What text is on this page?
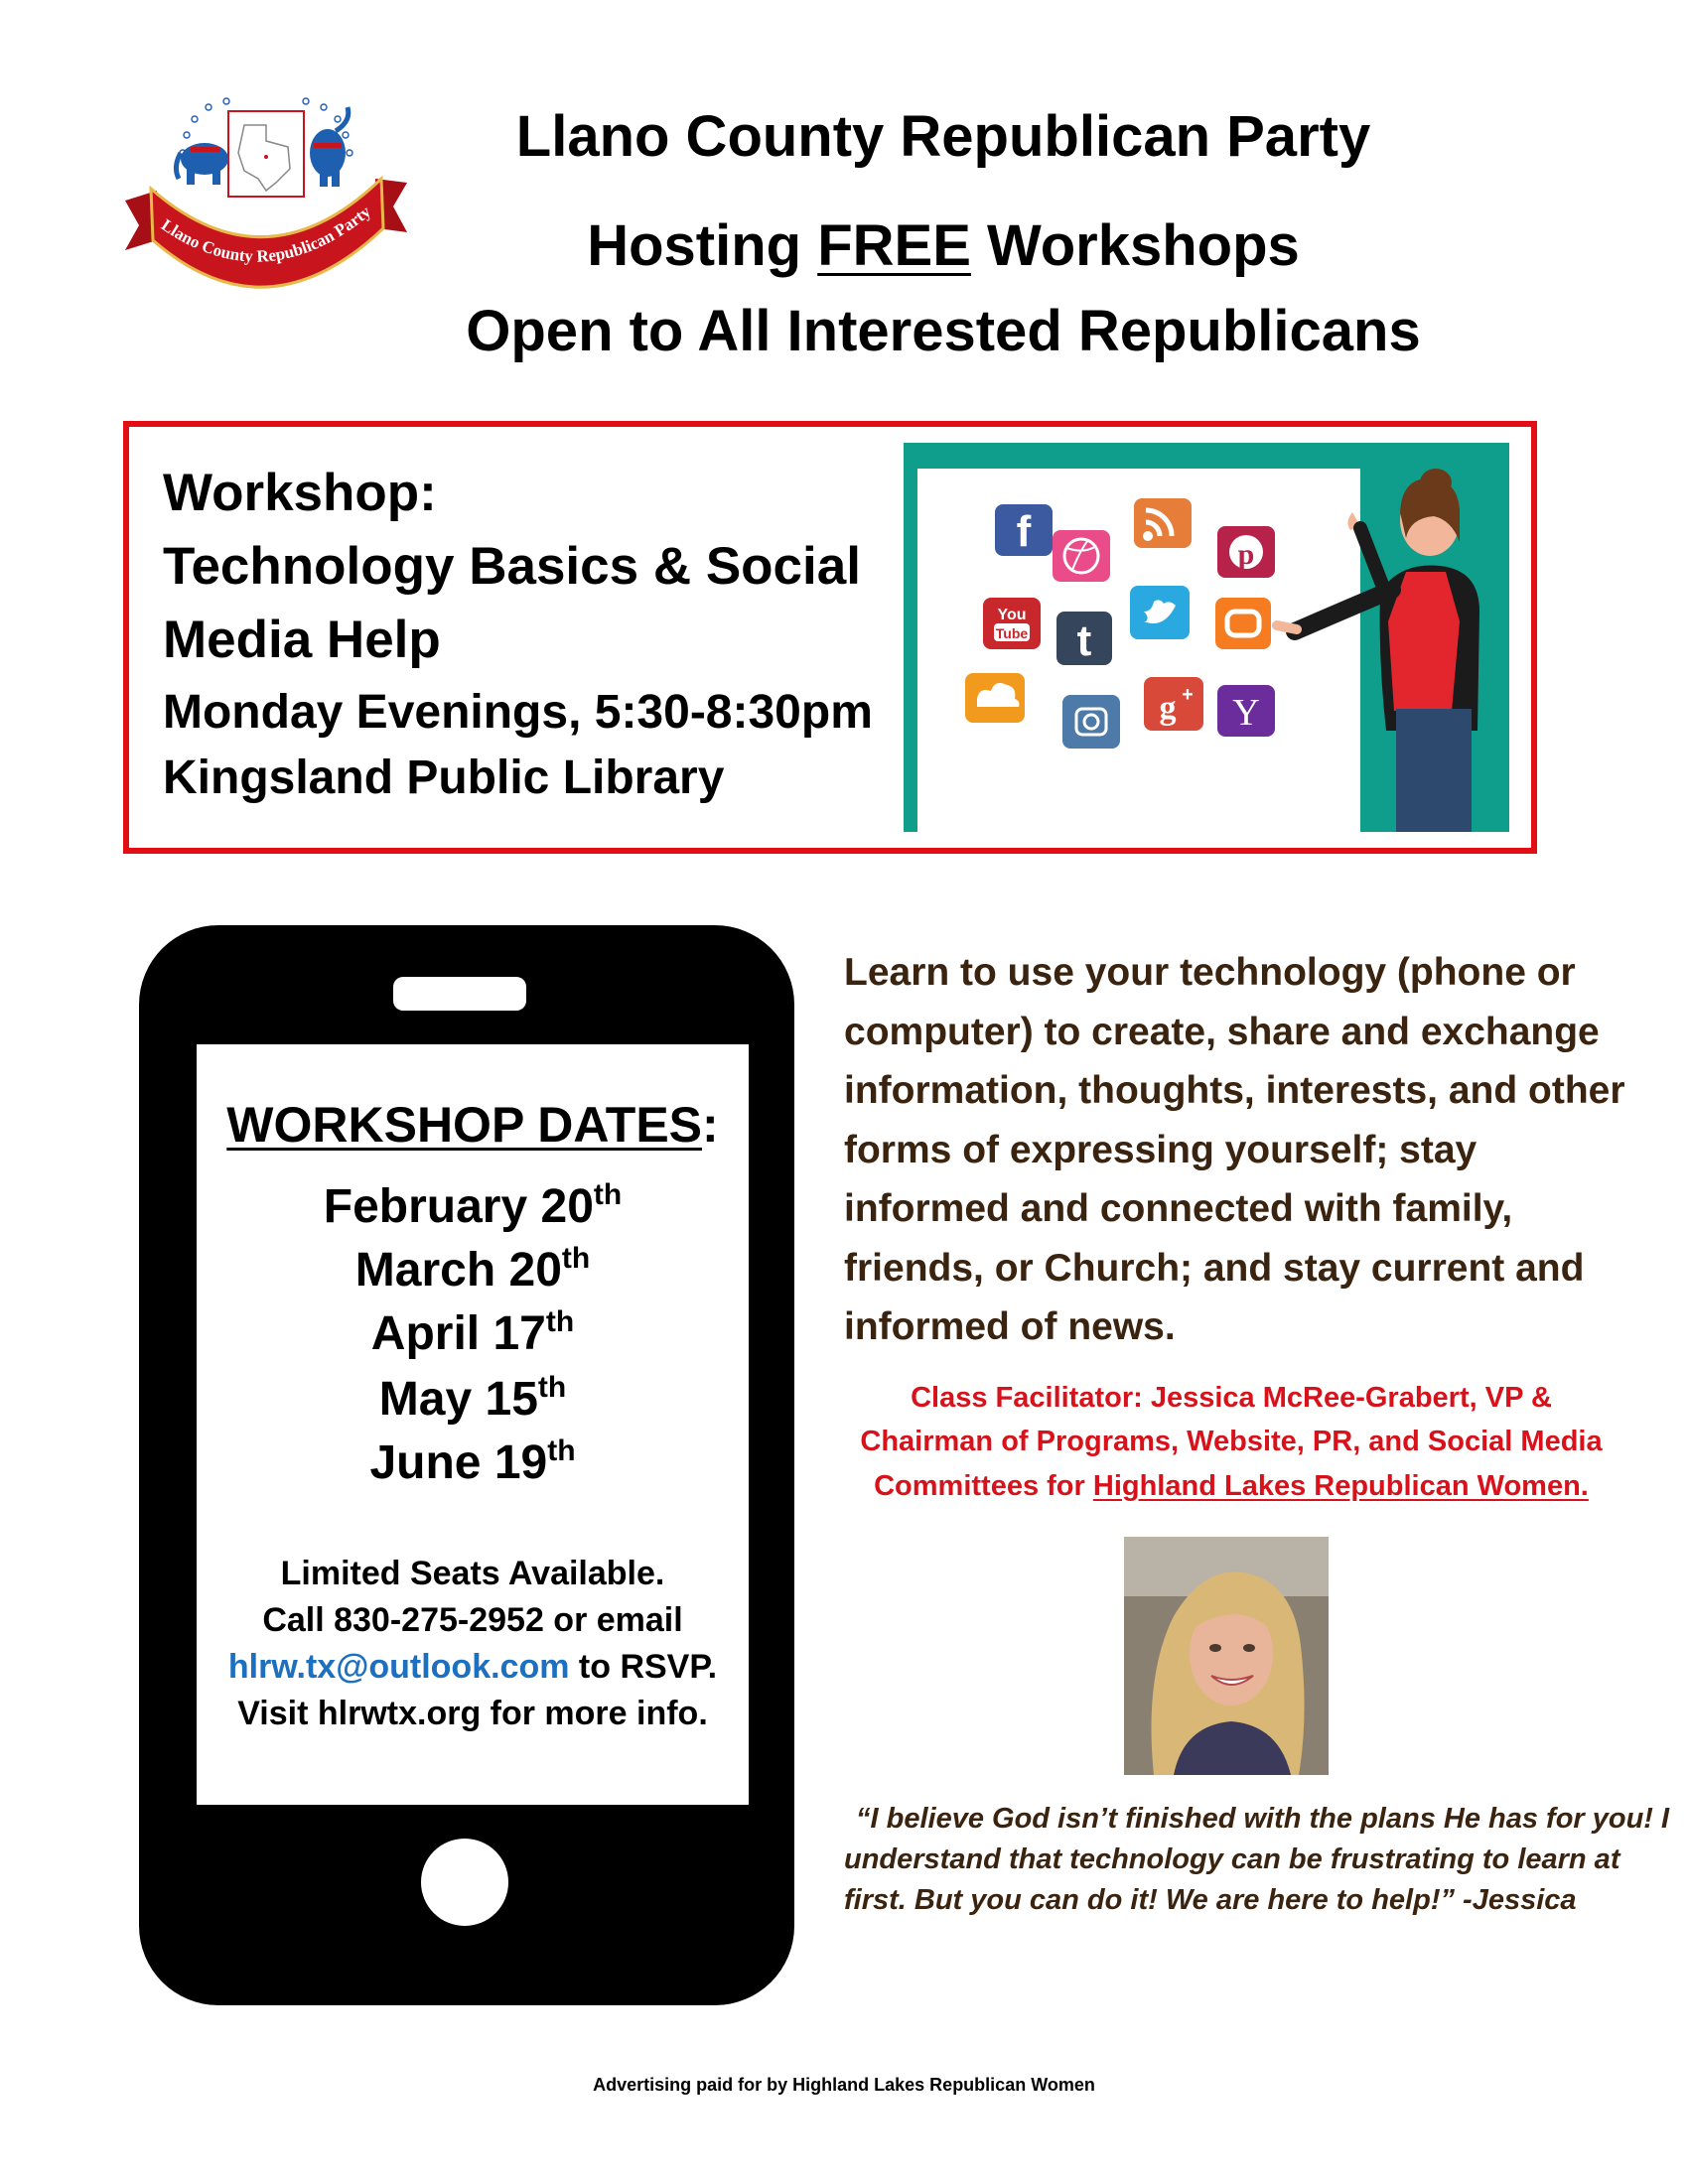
Llano County Republican Party
Llano County Republican Party
Hosting FREE Workshops
Open to All Interested Republicans
Workshop:
Technology Basics & Social
Media Help
Monday Evenings, 5:30-8:30pm
Kingsland Public Library
f	p
You
Tube t
g + Y
WORKSHOP DATES:
February 20th
March 20th
April 17th
May 15th
June 19th
Limited Seats Available.
Call 830-275-2952 or email
hlrw.tx@outlook.com to RSVP.
Visit hlrwtx.org for more info.
Learn to use your technology (phone or computer) to create, share and exchange information, thoughts, interests, and other forms of expressing yourself; stay informed and connected with family, friends, or Church; and stay current and informed of news.
Class Facilitator: Jessica McRee-Grabert, VP &
Chairman of Programs, Website, PR, and Social Media
Committees for Highland Lakes Republican Women.
“I believe God isn’t finished with the plans He has for you! I
understand that technology can be frustrating to learn at
first. But you can do it! We are here to help!” -Jessica
Advertising paid for by Highland Lakes Republican Women
